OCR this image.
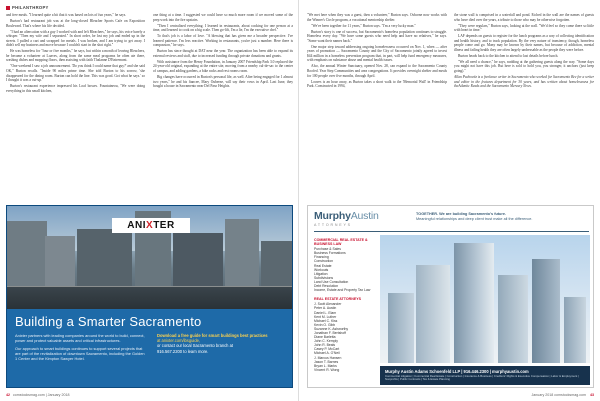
PHILANTHROPY

and free meals. "I learned quite a bit that it was based on lots of fun years," he says.

Burton's had restaurant job was at the long-closed Bleacher Sports Cafe on Exposition Boulevard. That's where his life decided.

"I had an altercation with a guy I worked with and left Bleachers," he says, his voice barely a whisper. "Then my wife and I separated." In short order, he lost my job and ended up in the streets. I pulled a cart and scrapped for metals. I was broken, and I am trying to get away. I didn't sell my business and move because I couldn't start in the shot right."

He was homeless for "four or five months," he says, but within a month of leaving Bleachers, he became a volunteer at Loaves, along from the same meal programs he often ate there, washing dishes and mopping floors, then assisting with faith Thalanne D'Entremont.

"One weekend I saw a job announcement. 'Do you think I could name that guy?' and she said OK," Burton recalls. "Inside 90 miles prime time. She told Burton to his sorrow, 'she disappeared for the dining room. Burton can hold the line. This was good. Got what he says.' so I thought it was a cut-up."

Burton's restaurant experience impressed his Loaf bosses. Fountaineou, "We were doing everything in this small kitchen,

one thing at a time. I suggested we could have so much more room if we moved some of the prep work into the fire upstairs.

"Then I centralized everything. I learned in restaurants, about cooking for one person at a time, and learned to cook on a big scale. Then go-lift, I'm a lie, I'm the executive chef."

To that's job is a labor of love. "A blessing that has given me a broader perspective. I've learned patience. I'm less reactive. Working in restaurants, you're just a number. Here there is compassion," he says.

Burton has since thought at DAT near the year. The organization has been able to expand its external reviews and staff, due to increased funding through private donations and grants.

With assistance from the Henry Foundation, in January 2007 Friendship Park 3.0 replaced the 24-year-old original, expanding at the entire site, moving from a nearby cul-de-sac to the center of campus, and adding gardens, a bike racks and rest rooms room.

Big changes have occurred in Burton's personal life, as well. After being engaged for 1 almost two years," he and his fiancee, Mary Ouberne, will say their vows in April. Last June, they bought a house in Sacramento near Del Paso Heights.

ANIXTER
Building a Smarter Sacramento

Anixter partners with leading companies around the world to build, connect, power and protect valuable assets and critical infrastructures.

Our approach to smart buildings continues to support several projects that are part of the revitalization of downtown Sacramento, including the Golden 1 Center and the Kimpton Sawyer Hotel.

Download a free guide for smart buildings best practices
at anixter.com/ibsguide,
or contact our local Sacramento branch at
916.567.2200 to learn more.
42 comstocksmag.com | January 2018

"We met here when they was a guest, then a volunteer," Burton says. Osborne now works with the Winner's Circle program, a vocational mentorship shelter.

"We've been together for 11 years," Burton says. "I'm a very lucky man."

Burton's story is one of success, but Sacramento's homeless population continues to struggle. Homeless every day. "We have some guests who need help and have no relatives," he says. "Some want their names back."

One major step toward addressing ongoing homelessness occurred on Nov. 1, when — after years of promotion — Sacramento County and the City of Sacramento jointly agreed to invest $44 million in a homeless prevention program that, in part, will help fund emergency measures, with emphasis on substance abuse and mental health issues.

Also, the annual Winter Sanctuary, opened Nov. 28, can expand to the Sacramento County Roofed. Year Step Communities and area congregations. It provides overnight shelter and meals for 100 people over five months, through April.

Loaves is an hour away, as Burton takes a short walk to the 'Memorial Wall' in Friendship Park. Constructed in 1994,

the stone wall is comprised in a waterfall and pond. Etched in the wall are the names of guests who have died over the years, a tribute to those who may be otherwise forgotten.

"They were regulars," Burton says, looking at the wall. "We'd feel so they come there so little with heart in time."

LAF depends on guests to register for the lunch programs as a way of collecting identification and health history, and to track population. By the very nature of transiency, though, homeless people come and go. Many may be known by their names, but because of addiction, mental illness and failing health they are often largely undressable as the people they were before.

Burton heads back to the kitchen to attend to last details before lunch.

"We all need a chance," he says, nodding at the gathering guests along the way. "Some days you might not have this job. But here is sold to hold you, you stronger, it anchors (just keep going)."

Allan Pachovitz is a freelance writer in Sacramento who worked for Sacramento Bee for a writer and editor in the features department for 30 years, and has written about homelessness for theAtlantic Reads and the Sacramento Mercury News.

MurphyAustin
ATTORNEYS
TOGETHER. We are building Sacramento's future.
Meaningful relationships and deep client trust make all the difference.
COMMERCIAL REAL ESTATE & BUSINESS LAW
Purchase & Sales
Business Formations
Financing
Construction
Real Estate
Workouts
Litigation
Subdivisions
Land Use Consultation
Debt Resolution
Income, Estate and Property Tax Law
REAL ESTATE ATTORNEYS
J. Scott Alexander
Peter A. Austin
Daniel L. Elam
Kent M. Luther
Michael C. Kiss
Kevin O. Gibb
Suzanne K. Ashworthy
Jonathan F. Bertshoff
Diane Barletta
John C. Kemply
John R. Beals
Casey P. McCart
Michael A. O'Neil
J. Marcus Hansen
Jason T. Barnes
Bryan L. Marks
Vincent R. Wong	Murphy Austin Adams Schoenfeld LLP | 916.446.2300 | murphyaustin.com
Commercial Litigation | Commercial Real Estate | Construction | Insurance & Business | Creditors' Rights & Executive Compensation | Labor & Employment | Nonprofits | Public Contracts | Tax & Estate Planning
January 2018 comstocksmag.com 43
